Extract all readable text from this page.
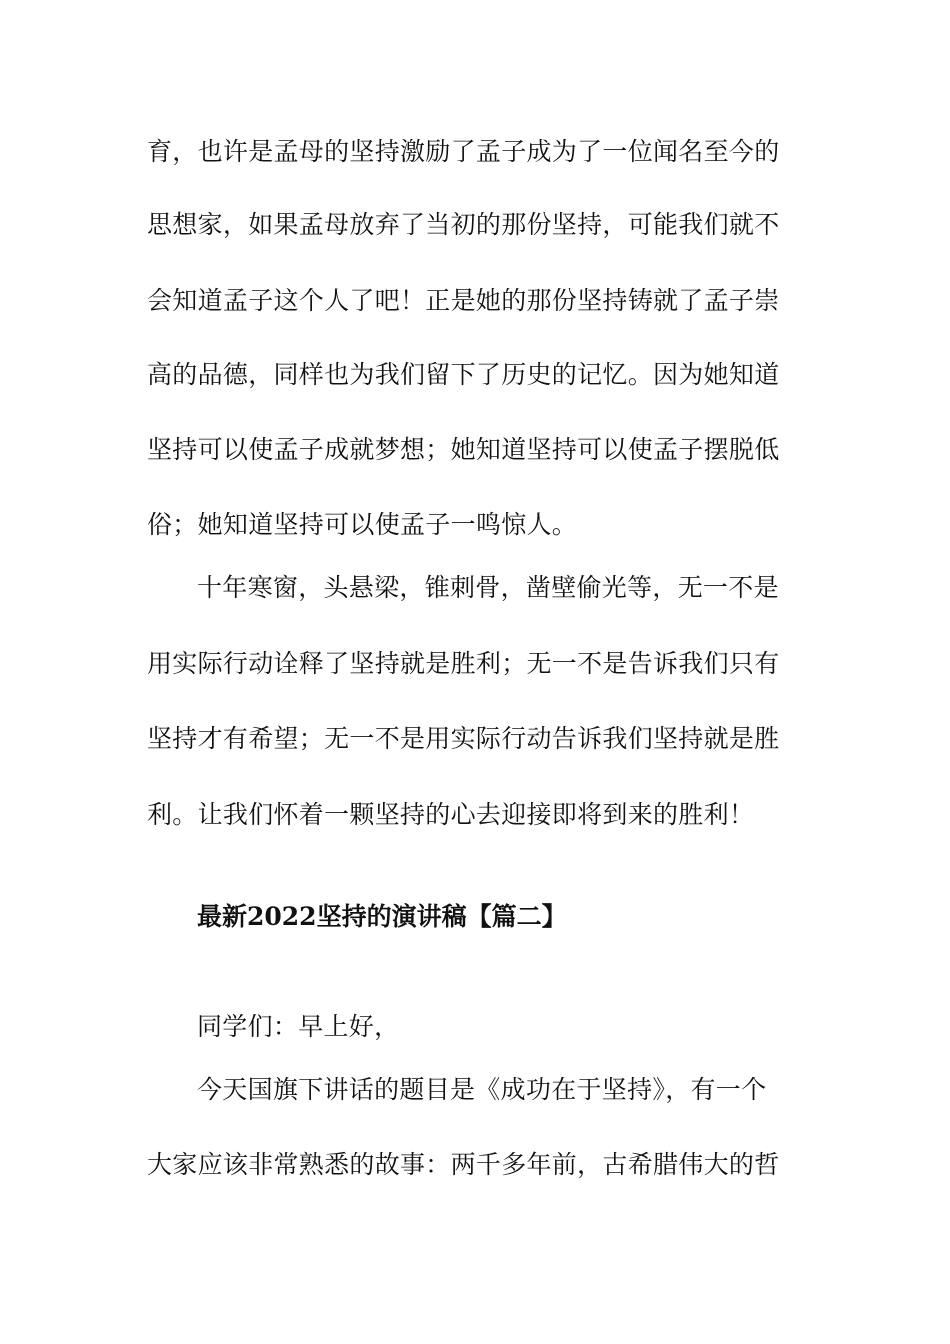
育，也许是孟母的坚持激励了孟子成为了一位闻名至今的
思想家，如果孟母放弃了当初的那份坚持，可能我们就不
会知道孟子这个人了吧！正是她的那份坚持铸就了孟子崇
高的品德，同样也为我们留下了历史的记忆。因为她知道
坚持可以使孟子成就梦想；她知道坚持可以使孟子摆脱低
俗；她知道坚持可以使孟子一鸣惊人。
十年寒窗，头悬梁，锥刺骨，凿壁偷光等，无一不是
用实际行动诠释了坚持就是胜利；无一不是告诉我们只有
坚持才有希望；无一不是用实际行动告诉我们坚持就是胜
利。让我们怀着一颗坚持的心去迎接即将到来的胜利！
最新2022坚持的演讲稿【篇二】
同学们：早上好，
今天国旗下讲话的题目是《成功在于坚持》，有一个
大家应该非常熟悉的故事：两千多年前，古希腊伟大的哲
